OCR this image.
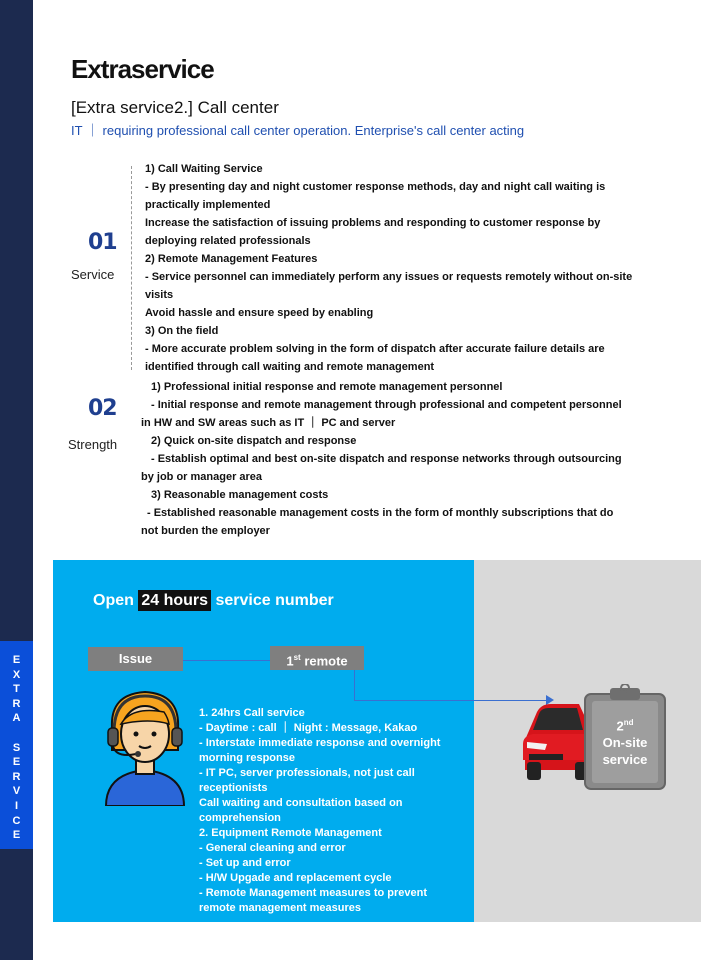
E
X
T
R
A
S
E
R
V
I
C
E
Extraservice
[Extra service2.] Call center
IT ｜ requiring professional call center operation. Enterprise's call center acting
01
Service

1) Call Waiting Service

- By presenting day and night customer response methods, day and night call waiting is

practically implemented

Increase the satisfaction of issuing problems and responding to customer response by

deploying related professionals

2) Remote Management Features

- Service personnel can immediately perform any issues or requests remotely without on-site

visits

Avoid hassle and ensure speed by enabling

3) On the field

- More accurate problem solving in the form of dispatch after accurate failure details are

identified through call waiting and remote management

02
Strength

1) Professional initial response and remote management personnel

- Initial response and remote management through professional and competent personnel

in HW and SW areas such as IT ｜ PC and server

2) Quick on-site dispatch and response

- Establish optimal and best on-site dispatch and response networks through outsourcing

by job or manager area

3) Reasonable management costs

- Established reasonable management costs in the form of monthly subscriptions that do

not burden the employer

Open 24 hours service number
Issue	1st remote

1. 24hrs Call service

- Daytime : call ｜ Night : Message, Kakao

- Interstate immediate response and overnight

morning response

- IT PC, server professionals, not just call

receptionists

Call waiting and consultation based on

comprehension

2. Equipment Remote Management

- General cleaning and error

- Set up and error

- H/W Upgade and replacement cycle

- Remote Management measures to prevent

remote management measures

2nd
On-site
service
